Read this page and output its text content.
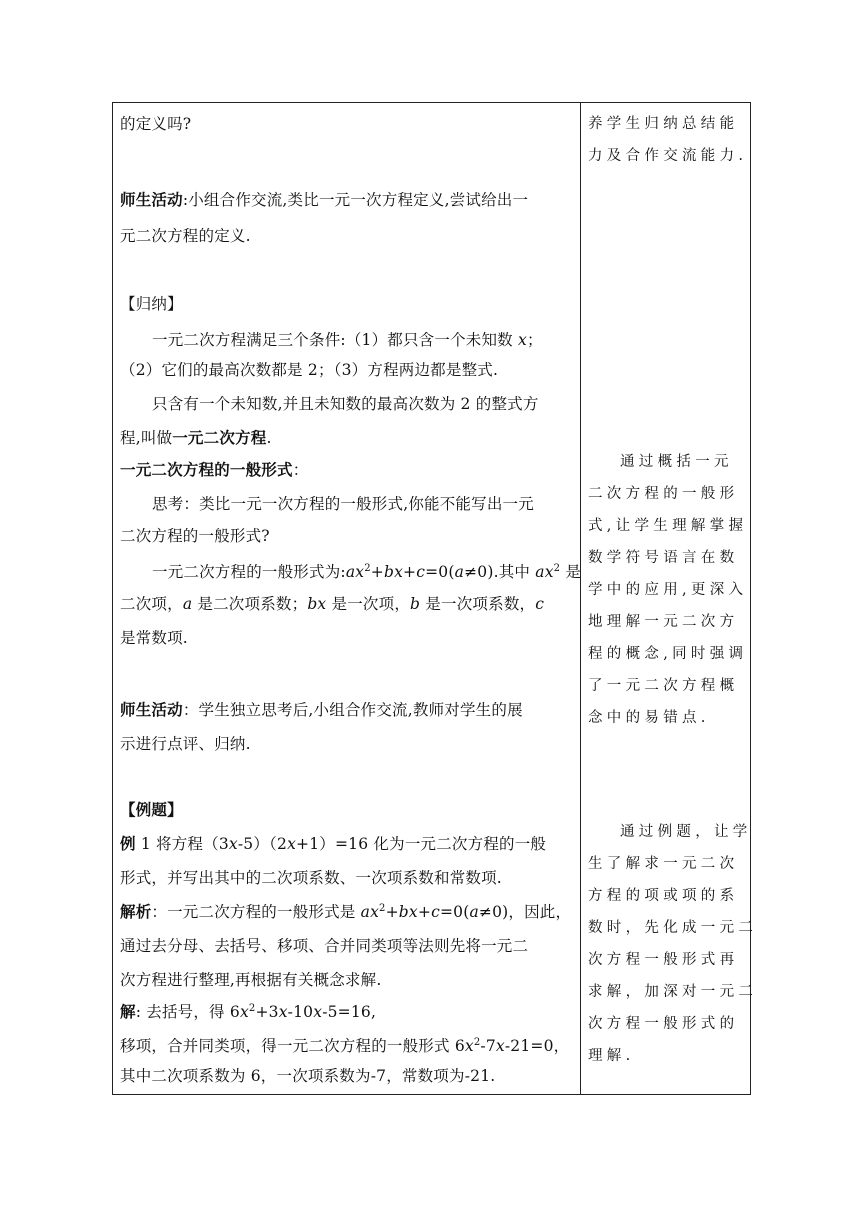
的定义吗?
师生活动:小组合作交流,类比一元一次方程定义,尝试给出一
元二次方程的定义.
【归纳】
一元二次方程满足三个条件:（1）都只含一个未知数 x；
（2）它们的最高次数都是 2；（3）方程两边都是整式.
只含有一个未知数,并且未知数的最高次数为 2 的整式方
程,叫做一元二次方程.
一元二次方程的一般形式：
思考：类比一元一次方程的一般形式,你能不能写出一元
二次方程的一般形式?
一元二次方程的一般形式为$:ax^2+bx+c=0(a\ne 0)$.其中 $ax^2$ 是
二次项，a 是二次项系数；bx 是一次项，b 是一次项系数，c
是常数项.
师生活动：学生独立思考后,小组合作交流,教师对学生的展
示进行点评、归纳.
【例题】
例 1 将方程（3x-5）（2x+1）=16 化为一元二次方程的一般
形式，并写出其中的二次项系数、一次项系数和常数项.
解析：一元二次方程的一般形式是 $ax^2+bx+c=0(a\ne 0)$，因此，
通过去分母、去括号、移项、合并同类项等法则先将一元二
次方程进行整理,再根据有关概念求解.
解: 去括号，得 $6x^2+3x-10x-5=16$,
移项，合并同类项，得一元二次方程的一般形式 $6x^2-7x-21=0$，
其中二次项系数为 6，一次项系数为-7，常数项为-21.
养学生归纳总结能
力及合作交流能力.
通过概括一元
二次方程的一般形
式,让学生理解掌握
数学符号语言在数
学中的应用,更深入
地理解一元二次方
程的概念,同时强调
了一元二次方程概
念中的易错点.
通过例题，让学
生了解求一元二次
方程的项或项的系
数时，先化成一元二
次方程一般形式再
求解，加深对一元二
次方程一般形式的
理解.
